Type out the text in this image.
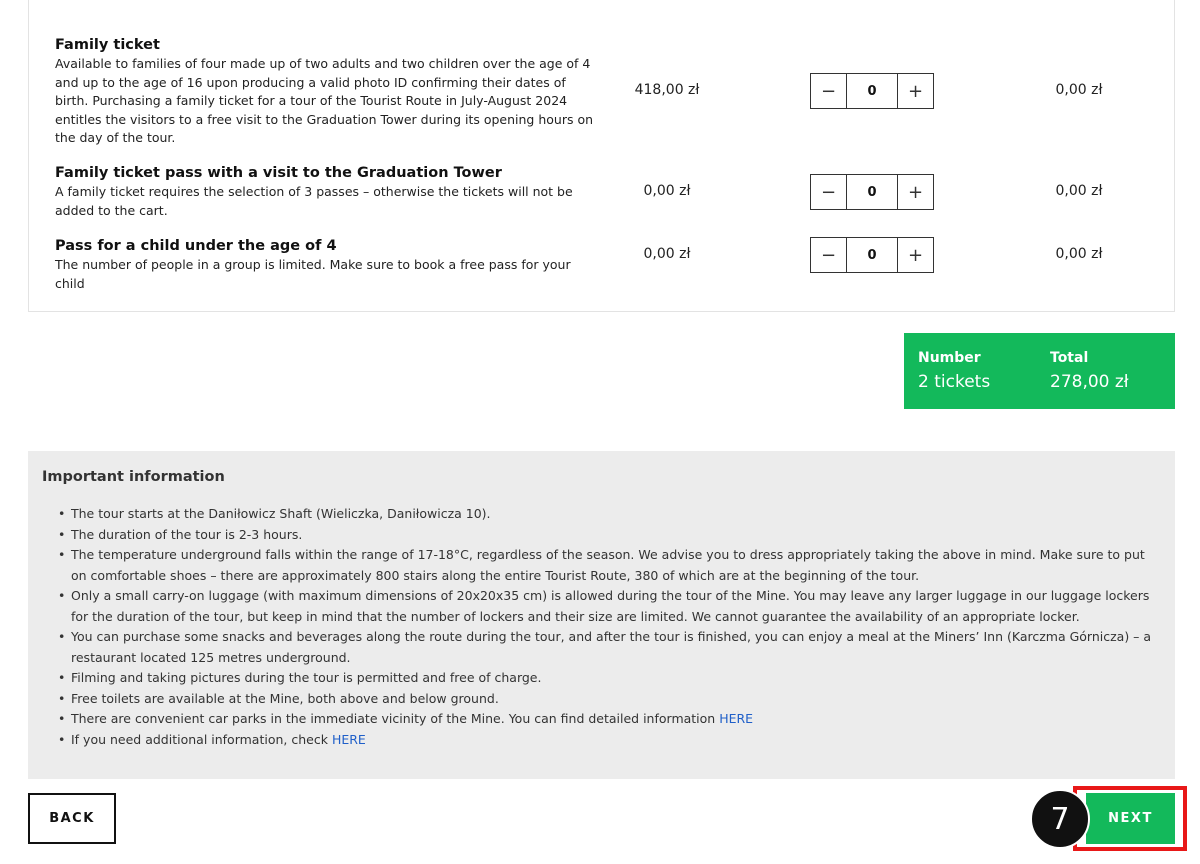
Family ticket
Available to families of four made up of two adults and two children over the age of 4 and up to the age of 16 upon producing a valid photo ID confirming their dates of birth. Purchasing a family ticket for a tour of the Tourist Route in July-August 2024 entitles the visitors to a free visit to the Graduation Tower during its opening hours on the day of the tour.
418,00 zł	−	0	+	0,00 zł
Family ticket pass with a visit to the Graduation Tower
A family ticket requires the selection of 3 passes – otherwise the tickets will not be added to the cart.
0,00 zł	−	0	+	0,00 zł
Pass for a child under the age of 4
The number of people in a group is limited. Make sure to book a free pass for your child
0,00 zł	−	0	+	0,00 zł
Number
2 tickets
Total
278,00 zł
Important information
• The tour starts at the Daniłowicz Shaft (Wieliczka, Daniłowicza 10).
• The duration of the tour is 2-3 hours.
• The temperature underground falls within the range of 17-18°C, regardless of the season. We advise you to dress appropriately taking the above in mind. Make sure to put on comfortable shoes – there are approximately 800 stairs along the entire Tourist Route, 380 of which are at the beginning of the tour.
• Only a small carry-on luggage (with maximum dimensions of 20x20x35 cm) is allowed during the tour of the Mine. You may leave any larger luggage in our luggage lockers for the duration of the tour, but keep in mind that the number of lockers and their size are limited. We cannot guarantee the availability of an appropriate locker.
• You can purchase some snacks and beverages along the route during the tour, and after the tour is finished, you can enjoy a meal at the Miners’ Inn (Karczma Górnicza) – a restaurant located 125 metres underground.
• Filming and taking pictures during the tour is permitted and free of charge.
• Free toilets are available at the Mine, both above and below ground.
• There are convenient car parks in the immediate vicinity of the Mine. You can find detailed information HERE
• If you need additional information, check HERE
BACK	NEXT
7
